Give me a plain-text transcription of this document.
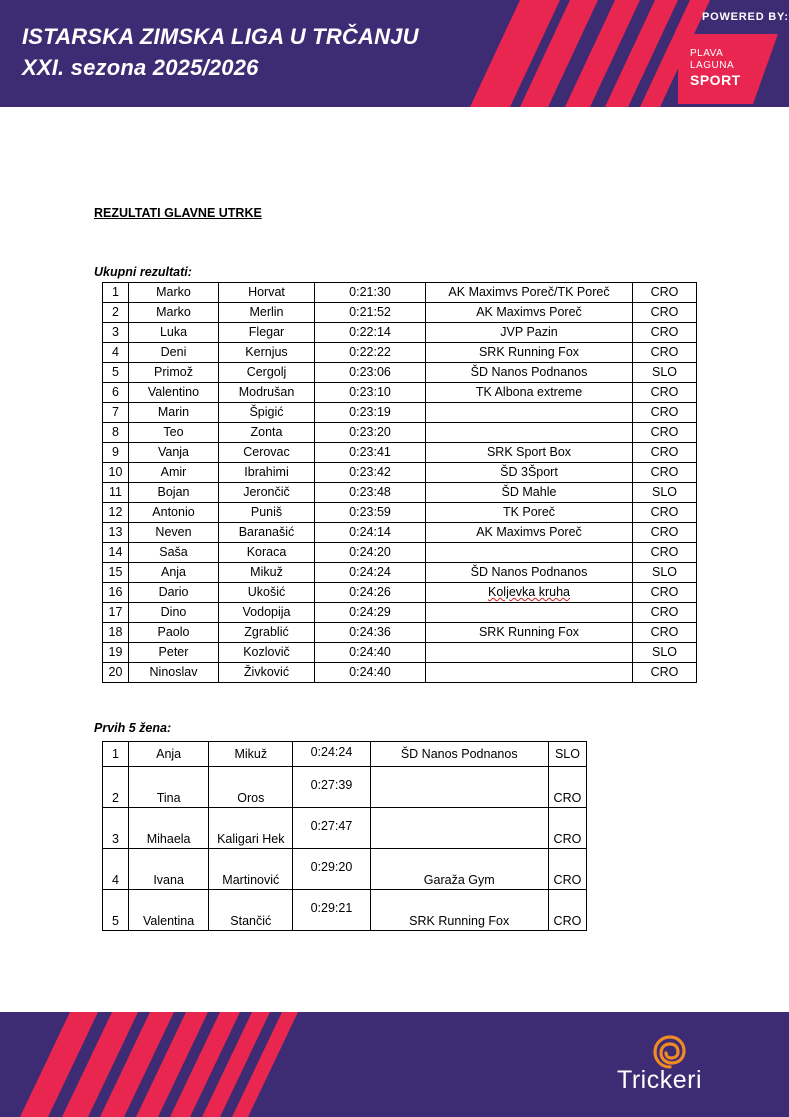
ISTARSKA ZIMSKA LIGA U TRČANJU
XXI. sezona 2025/2026
POWERED BY:
PLAVA
LAGUNA
SPORT
REZULTATI GLAVNE UTRKE
Ukupni rezultati:
1	Marko	Horvat	0:21:30	AK Maximvs Poreč/TK Poreč	CRO
2	Marko	Merlin	0:21:52	AK Maximvs Poreč	CRO
3	Luka	Flegar	0:22:14	JVP Pazin	CRO
4	Deni	Kernjus	0:22:22	SRK Running Fox	CRO
5	Primož	Cergolj	0:23:06	ŠD Nanos Podnanos	SLO
6	Valentino	Modrušan	0:23:10	TK Albona extreme	CRO
7	Marin	Špigić	0:23:19		CRO
8	Teo	Zonta	0:23:20		CRO
9	Vanja	Cerovac	0:23:41	SRK Sport Box	CRO
10	Amir	Ibrahimi	0:23:42	ŠD 3Šport	CRO
11	Bojan	Jerončič	0:23:48	ŠD Mahle	SLO
12	Antonio	Puniš	0:23:59	TK Poreč	CRO
13	Neven	Baranašić	0:24:14	AK Maximvs Poreč	CRO
14	Saša	Koraca	0:24:20		CRO
15	Anja	Mikuž	0:24:24	ŠD Nanos Podnanos	SLO
16	Dario	Ukošić	0:24:26	Koljevka kruha	CRO
17	Dino	Vodopija	0:24:29		CRO
18	Paolo	Zgrablić	0:24:36	SRK Running Fox	CRO
19	Peter	Kozlovič	0:24:40		SLO
20	Ninoslav	Živković	0:24:40		CRO
Prvih 5 žena:
1	Anja	Mikuž	0:24:24	ŠD Nanos Podnanos	SLO
2	Tina	Oros	0:27:39		CRO
3	Mihaela	Kaligari Hek	0:27:47		CRO
4	Ivana	Martinović	0:29:20	Garaža Gym	CRO
5	Valentina	Stančić	0:29:21	SRK Running Fox	CRO
Trickeri
